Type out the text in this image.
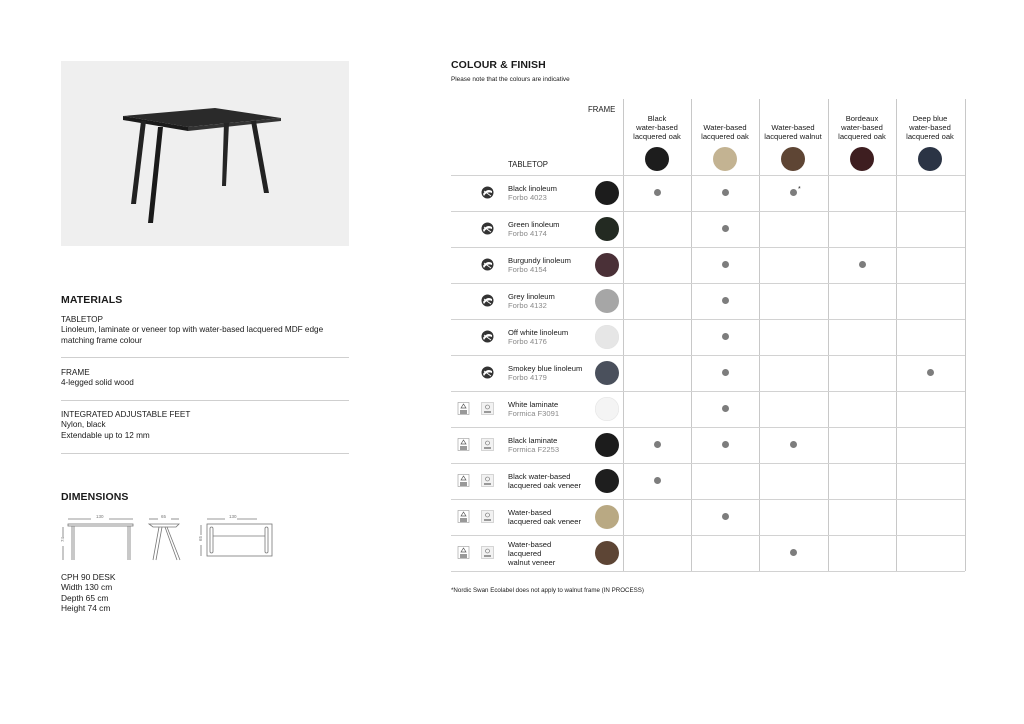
MATERIALS
TABLETOP
Linoleum, laminate or veneer top with water-based lacquered MDF edge
matching frame colour
FRAME
4-legged solid wood
INTEGRATED ADJUSTABLE FEET
Nylon, black
Extendable up to 12 mm
DIMENSIONS
130
74
65	130
65
CPH 90 DESK
Width 130 cm
Depth 65 cm
Height 74 cm
COLOUR & FINISH
Please note that the colours are indicative
FRAME
TABLETOP
Black
water-based
lacquered oak
Water-based
lacquered oak
Water-based
lacquered walnut
Bordeaux
water-based
lacquered oak
Deep blue
water-based
lacquered oak
Black linoleum
Forbo 4023
*
Green linoleum
Forbo 4174
Burgundy linoleum
Forbo 4154
Grey linoleum
Forbo 4132
Off white linoleum
Forbo 4176
Smokey blue linoleum
Forbo 4179
White laminate
Formica F3091
Black laminate
Formica F2253
Black water-based
lacquered oak veneer
Water-based
lacquered oak veneer
Water-based
lacquered
walnut veneer
*Nordic Swan Ecolabel does not apply to walnut frame (IN PROCESS)
